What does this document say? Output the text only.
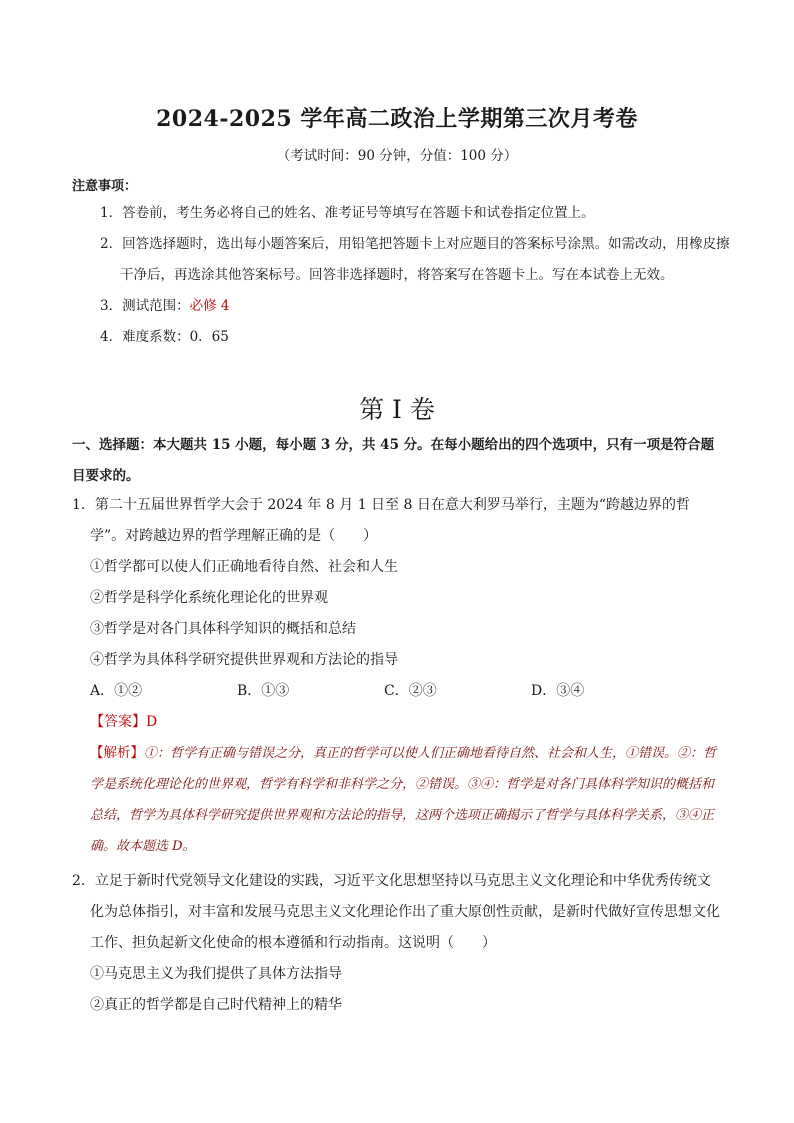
2024-2025 学年高二政治上学期第三次月考卷
（考试时间：90 分钟，分值：100 分）
注意事项：
1．答卷前，考生务必将自己的姓名、准考证号等填写在答题卡和试卷指定位置上。
2．回答选择题时，选出每小题答案后，用铅笔把答题卡上对应题目的答案标号涂黑。如需改动，用橡皮擦干净后，再选涂其他答案标号。回答非选择题时，将答案写在答题卡上。写在本试卷上无效。
3．测试范围：必修 4
4．难度系数：0．65
第 I 卷
一、选择题：本大题共 15 小题，每小题 3 分，共 45 分。在每小题给出的四个选项中，只有一项是符合题目要求的。
1．第二十五届世界哲学大会于 2024 年 8 月 1 日至 8 日在意大利罗马举行，主题为“跨越边界的哲学”。对跨越边界的哲学理解正确的是（　　）
①哲学都可以使人们正确地看待自然、社会和人生
②哲学是科学化系统化理论化的世界观
③哲学是对各门具体科学知识的概括和总结
④哲学为具体科学研究提供世界观和方法论的指导
A．①②	B．①③	C．②③	D．③④
【答案】D
【解析】①：哲学有正确与错误之分，真正的哲学可以使人们正确地看待自然、社会和人生，①错误。②：哲学是系统化理论化的世界观，哲学有科学和非科学之分，②错误。③④：哲学是对各门具体科学知识的概括和总结，哲学为具体科学研究提供世界观和方法论的指导，这两个选项正确揭示了哲学与具体科学关系，③④正确。故本题选 D。
2．立足于新时代党领导文化建设的实践，习近平文化思想坚持以马克思主义文化理论和中华优秀传统文化为总体指引，对丰富和发展马克思主义文化理论作出了重大原创性贡献，是新时代做好宣传思想文化工作、担负起新文化使命的根本遵循和行动指南。这说明（　　）
①马克思主义为我们提供了具体方法指导
②真正的哲学都是自己时代精神上的精华
